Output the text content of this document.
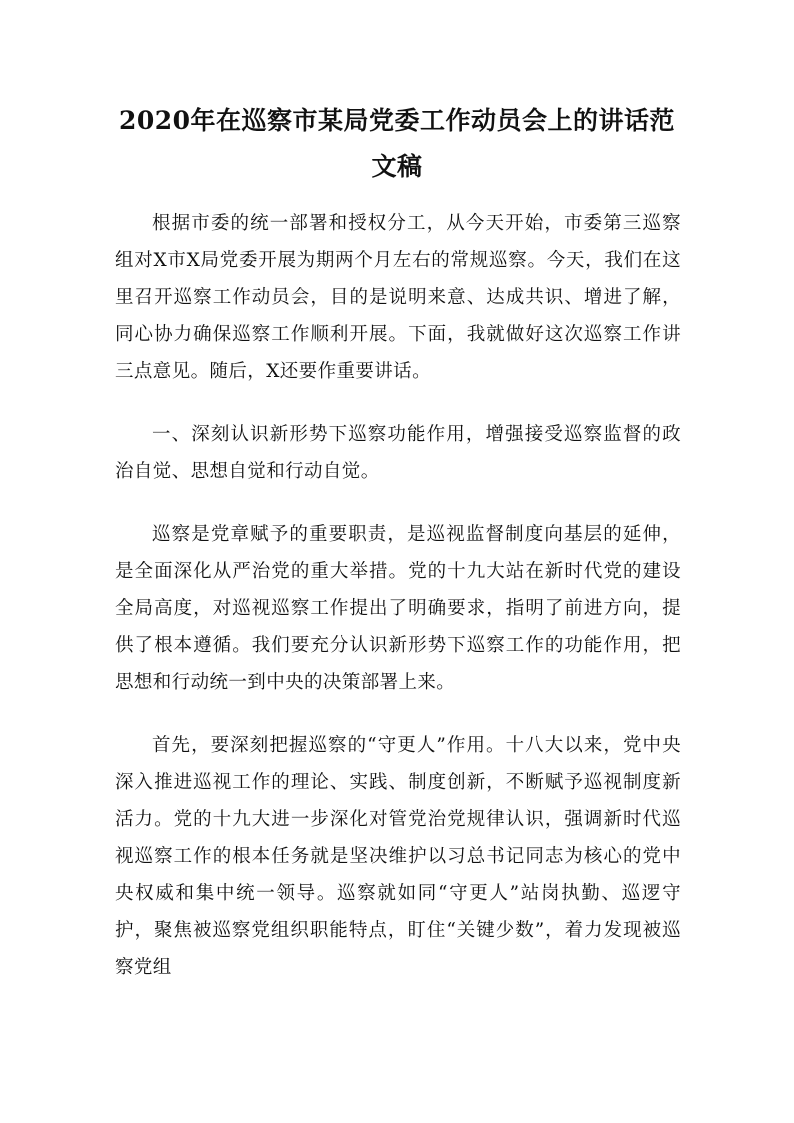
2020年在巡察市某局党委工作动员会上的讲话范文稿

根据市委的统一部署和授权分工，从今天开始，市委第三巡察组对X市X局党委开展为期两个月左右的常规巡察。今天，我们在这里召开巡察工作动员会，目的是说明来意、达成共识、增进了解，同心协力确保巡察工作顺利开展。下面，我就做好这次巡察工作讲三点意见。随后，X还要作重要讲话。

一、深刻认识新形势下巡察功能作用，增强接受巡察监督的政治自觉、思想自觉和行动自觉。

巡察是党章赋予的重要职责，是巡视监督制度向基层的延伸，是全面深化从严治党的重大举措。党的十九大站在新时代党的建设全局高度，对巡视巡察工作提出了明确要求，指明了前进方向，提供了根本遵循。我们要充分认识新形势下巡察工作的功能作用，把思想和行动统一到中央的决策部署上来。

首先，要深刻把握巡察的“守更人”作用。十八大以来，党中央深入推进巡视工作的理论、实践、制度创新，不断赋予巡视制度新活力。党的十九大进一步深化对管党治党规律认识，强调新时代巡视巡察工作的根本任务就是坚决维护以习总书记同志为核心的党中央权威和集中统一领导。巡察就如同“守更人”站岗执勤、巡逻守护，聚焦被巡察党组织职能特点，盯住“关键少数”，着力发现被巡察党组
